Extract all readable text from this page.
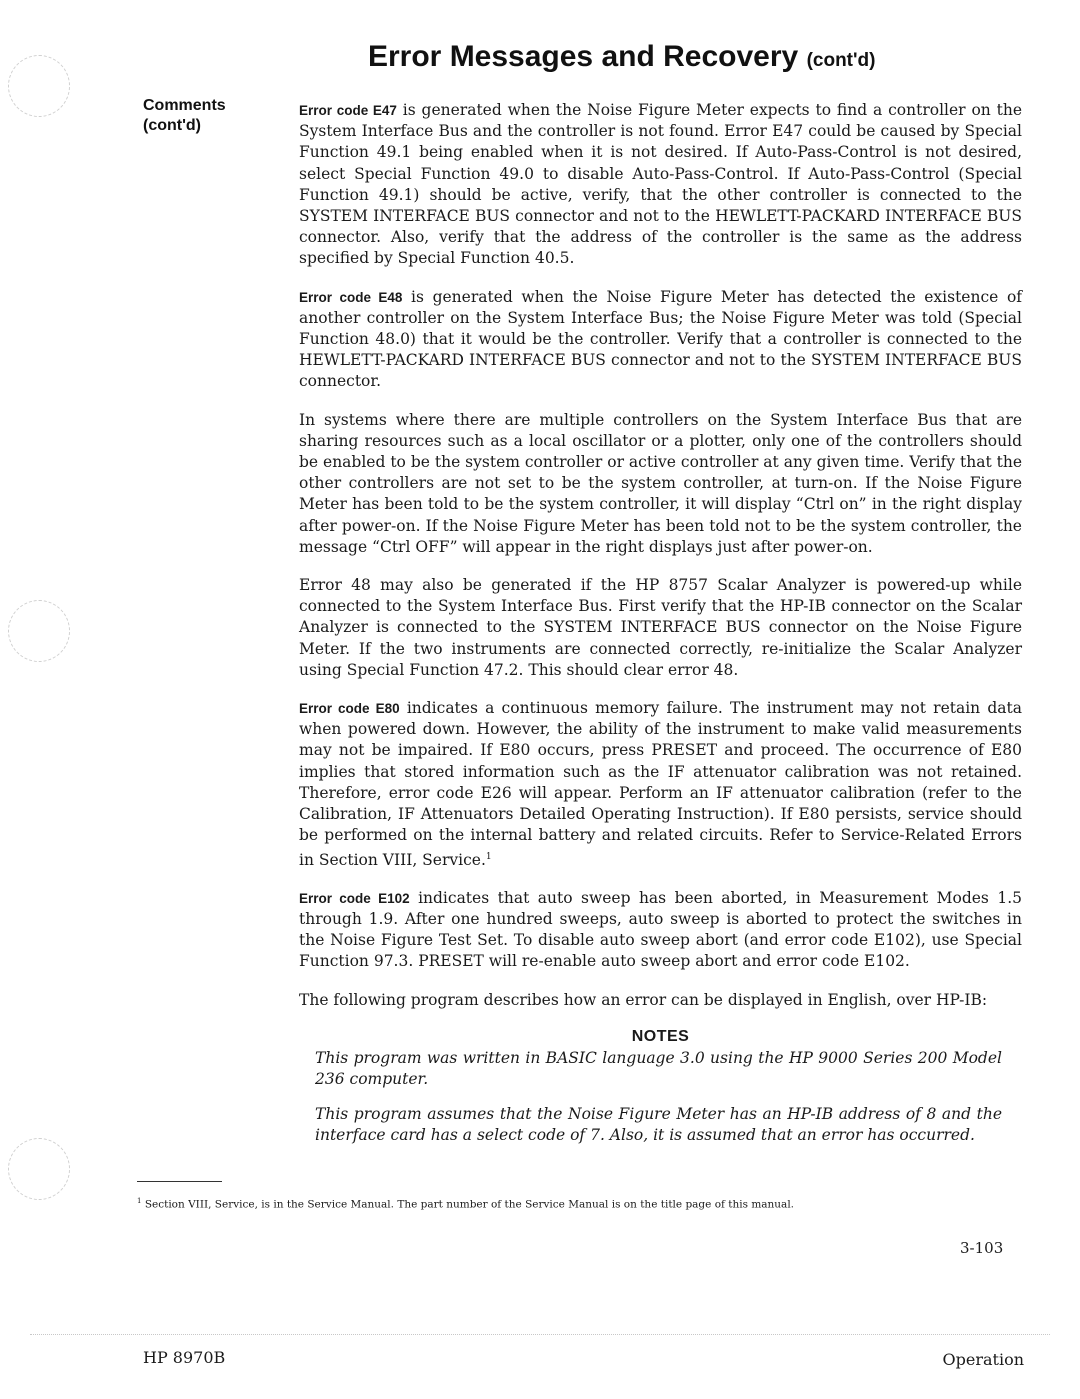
Error Messages and Recovery (cont'd)
Comments
(cont'd)

Error code E47 is generated when the Noise Figure Meter expects to find a controller on the System Interface Bus and the controller is not found. Error E47 could be caused by Special Function 49.1 being enabled when it is not desired. If Auto-Pass-Control is not desired, select Special Function 49.0 to disable Auto-Pass-Control. If Auto-Pass-Control (Special Function 49.1) should be active, verify, that the other controller is connected to the SYSTEM INTERFACE BUS connector and not to the HEWLETT-PACKARD INTERFACE BUS connector. Also, verify that the address of the controller is the same as the address specified by Special Function 40.5.

Error code E48 is generated when the Noise Figure Meter has detected the existence of another controller on the System Interface Bus; the Noise Figure Meter was told (Special Function 48.0) that it would be the controller. Verify that a controller is connected to the HEWLETT-PACKARD INTERFACE BUS connector and not to the SYSTEM INTERFACE BUS connector.

In systems where there are multiple controllers on the System Interface Bus that are sharing resources such as a local oscillator or a plotter, only one of the controllers should be enabled to be the system controller or active controller at any given time. Verify that the other controllers are not set to be the system controller, at turn-on. If the Noise Figure Meter has been told to be the system controller, it will display “Ctrl on” in the right display after power-on. If the Noise Figure Meter has been told not to be the system controller, the message “Ctrl OFF” will appear in the right displays just after power-on.

Error 48 may also be generated if the HP 8757 Scalar Analyzer is powered-up while connected to the System Interface Bus. First verify that the HP-IB connector on the Scalar Analyzer is connected to the SYSTEM INTERFACE BUS connector on the Noise Figure Meter. If the two instruments are connected correctly, re-initialize the Scalar Analyzer using Special Function 47.2. This should clear error 48.

Error code E80 indicates a continuous memory failure. The instrument may not retain data when powered down. However, the ability of the instrument to make valid measurements may not be impaired. If E80 occurs, press PRESET and proceed. The occurrence of E80 implies that stored information such as the IF attenuator calibration was not retained. Therefore, error code E26 will appear. Perform an IF attenuator calibration (refer to the Calibration, IF Attenuators Detailed Operating Instruction). If E80 persists, service should be performed on the internal battery and related circuits. Refer to Service-Related Errors in Section VIII, Service.$^1$

Error code E102 indicates that auto sweep has been aborted, in Measurement Modes 1.5 through 1.9. After one hundred sweeps, auto sweep is aborted to protect the switches in the Noise Figure Test Set. To disable auto sweep abort (and error code E102), use Special Function 97.3. PRESET will re-enable auto sweep abort and error code E102.

The following program describes how an error can be displayed in English, over HP-IB:

NOTES

This program was written in BASIC language 3.0 using the HP 9000 Series 200 Model 236 computer.

This program assumes that the Noise Figure Meter has an HP-IB address of 8 and the interface card has a select code of 7. Also, it is assumed that an error has occurred.

$^1$ Section VIII, Service, is in the Service Manual. The part number of the Service Manual is on the title page of this manual.
3-103
HP 8970B	Operation
